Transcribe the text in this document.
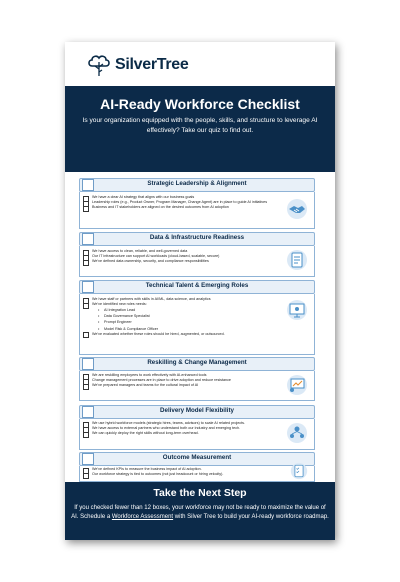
SilverTree
AI-Ready Workforce Checklist

Is your organization equipped with the people, skills, and structure to leverage AI effectively? Take our quiz to find out.

Strategic Leadership & Alignment
We have a clear AI strategy that aligns with our business goals
Leadership roles (e.g., Product Owner, Program Manager, Change Agent) are in place to guide AI initiatives
Business and IT stakeholders are aligned on the desired outcomes from AI adoption
Data & Infrastructure Readiness
We have access to clean, reliable, and well-governed data
Our IT infrastructure can support AI workloads (cloud-based, scalable, secure)
We've defined data ownership, security, and compliance responsibilities
Technical Talent & Emerging Roles
We have staff or partners with skills in AI/ML, data science, and analytics
We've identified new roles needs:
• AI Integration Lead
• Data Governance Specialist
• Prompt Engineer
• Model Risk & Compliance Officer
We've evaluated whether these roles should be hired, augmented, or outsourced.
Reskilling & Change Management
We are reskilling employees to work effectively with AI-enhanced tools
Change management processes are in place to drive adoption and reduce resistance
We've prepared managers and teams for the cultural impact of AI
Delivery Model Flexibility
We use hybrid workforce models (strategic hires, teams, advisors) to scale AI related projects.
We have access to external partners who understand both our industry and emerging tech.
We can quickly deploy the right skills without long-term overhead.
Outcome Measurement
We've defined KPIs to measure the business impact of AI adoption.
Our workforce strategy is tied to outcomes (not just headcount or hiring velocity).
Take the Next Step

If you checked fewer than 12 boxes, your workforce may not be ready to maximize the value of AI. Schedule a Workforce Assessment with Silver Tree to build your AI-ready workforce roadmap.
